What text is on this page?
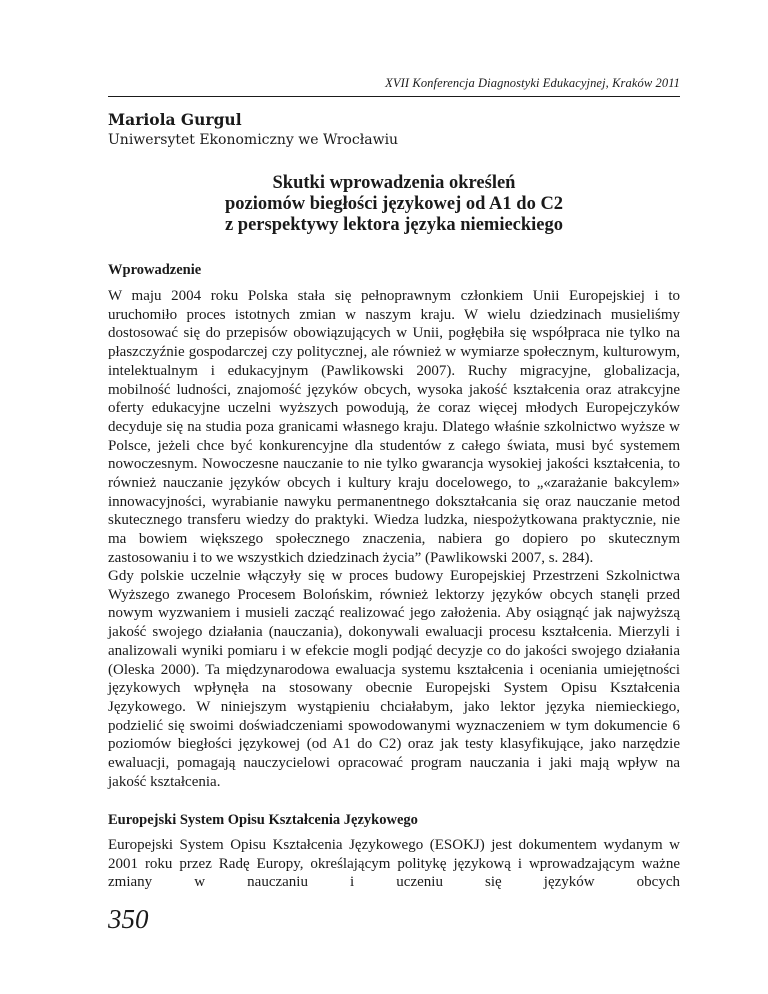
XVII Konferencja Diagnostyki Edukacyjnej, Kraków 2011
Mariola Gurgul
Uniwersytet Ekonomiczny we Wrocławiu
Skutki wprowadzenia określeń
poziomów biegłości językowej od A1 do C2
z perspektywy lektora języka niemieckiego
Wprowadzenie
W maju 2004 roku Polska stała się pełnoprawnym członkiem Unii Europejskiej i to uruchomiło proces istotnych zmian w naszym kraju. W wielu dziedzinach musieliśmy dostosować się do przepisów obowiązujących w Unii, pogłębiła się współpraca nie tylko na płaszczyźnie gospodarczej czy politycznej, ale również w wymiarze społecznym, kulturowym, intelektualnym i edukacyjnym (Pawlikowski 2007). Ruchy migracyjne, globalizacja, mobilność ludności, znajomość języków obcych, wysoka jakość kształcenia oraz atrakcyjne oferty edukacyjne uczelni wyższych powodują, że coraz więcej młodych Europejczyków decyduje się na studia poza granicami własnego kraju. Dlatego właśnie szkolnictwo wyższe w Polsce, jeżeli chce być konkurencyjne dla studentów z całego świata, musi być systemem nowoczesnym. Nowoczesne nauczanie to nie tylko gwarancja wysokiej jakości kształcenia, to również nauczanie języków obcych i kultury kraju docelowego, to „«zarażanie bakcylem» innowacyjności, wyrabianie nawyku permanentnego dokształcania się oraz nauczanie metod skutecznego transferu wiedzy do praktyki. Wiedza ludzka, niespożytkowana praktycznie, nie ma bowiem większego społecznego znaczenia, nabiera go dopiero po skutecznym zastosowaniu i to we wszystkich dziedzinach życia” (Pawlikowski 2007, s. 284).
Gdy polskie uczelnie włączyły się w proces budowy Europejskiej Przestrzeni Szkolnictwa Wyższego zwanego Procesem Bolońskim, również lektorzy języków obcych stanęli przed nowym wyzwaniem i musieli zacząć realizować jego założenia. Aby osiągnąć jak najwyższą jakość swojego działania (nauczania), dokonywali ewaluacji procesu kształcenia. Mierzyli i analizowali wyniki pomiaru i w efekcie mogli podjąć decyzje co do jakości swojego działania (Oleska 2000). Ta międzynarodowa ewaluacja systemu kształcenia i oceniania umiejętności językowych wpłynęła na stosowany obecnie Europejski System Opisu Kształcenia Językowego. W niniejszym wystąpieniu chciałabym, jako lektor języka niemieckiego, podzielić się swoimi doświadczeniami spowodowanymi wyznaczeniem w tym dokumencie 6 poziomów biegłości językowej (od A1 do C2) oraz jak testy klasyfikujące, jako narzędzie ewaluacji, pomagają nauczycielowi opracować program nauczania i jaki mają wpływ na jakość kształcenia.
Europejski System Opisu Kształcenia Językowego
Europejski System Opisu Kształcenia Językowego (ESOKJ) jest dokumentem wydanym w 2001 roku przez Radę Europy, określającym politykę językową i wprowadzającym ważne zmiany w nauczaniu i uczeniu się języków obcych
350
